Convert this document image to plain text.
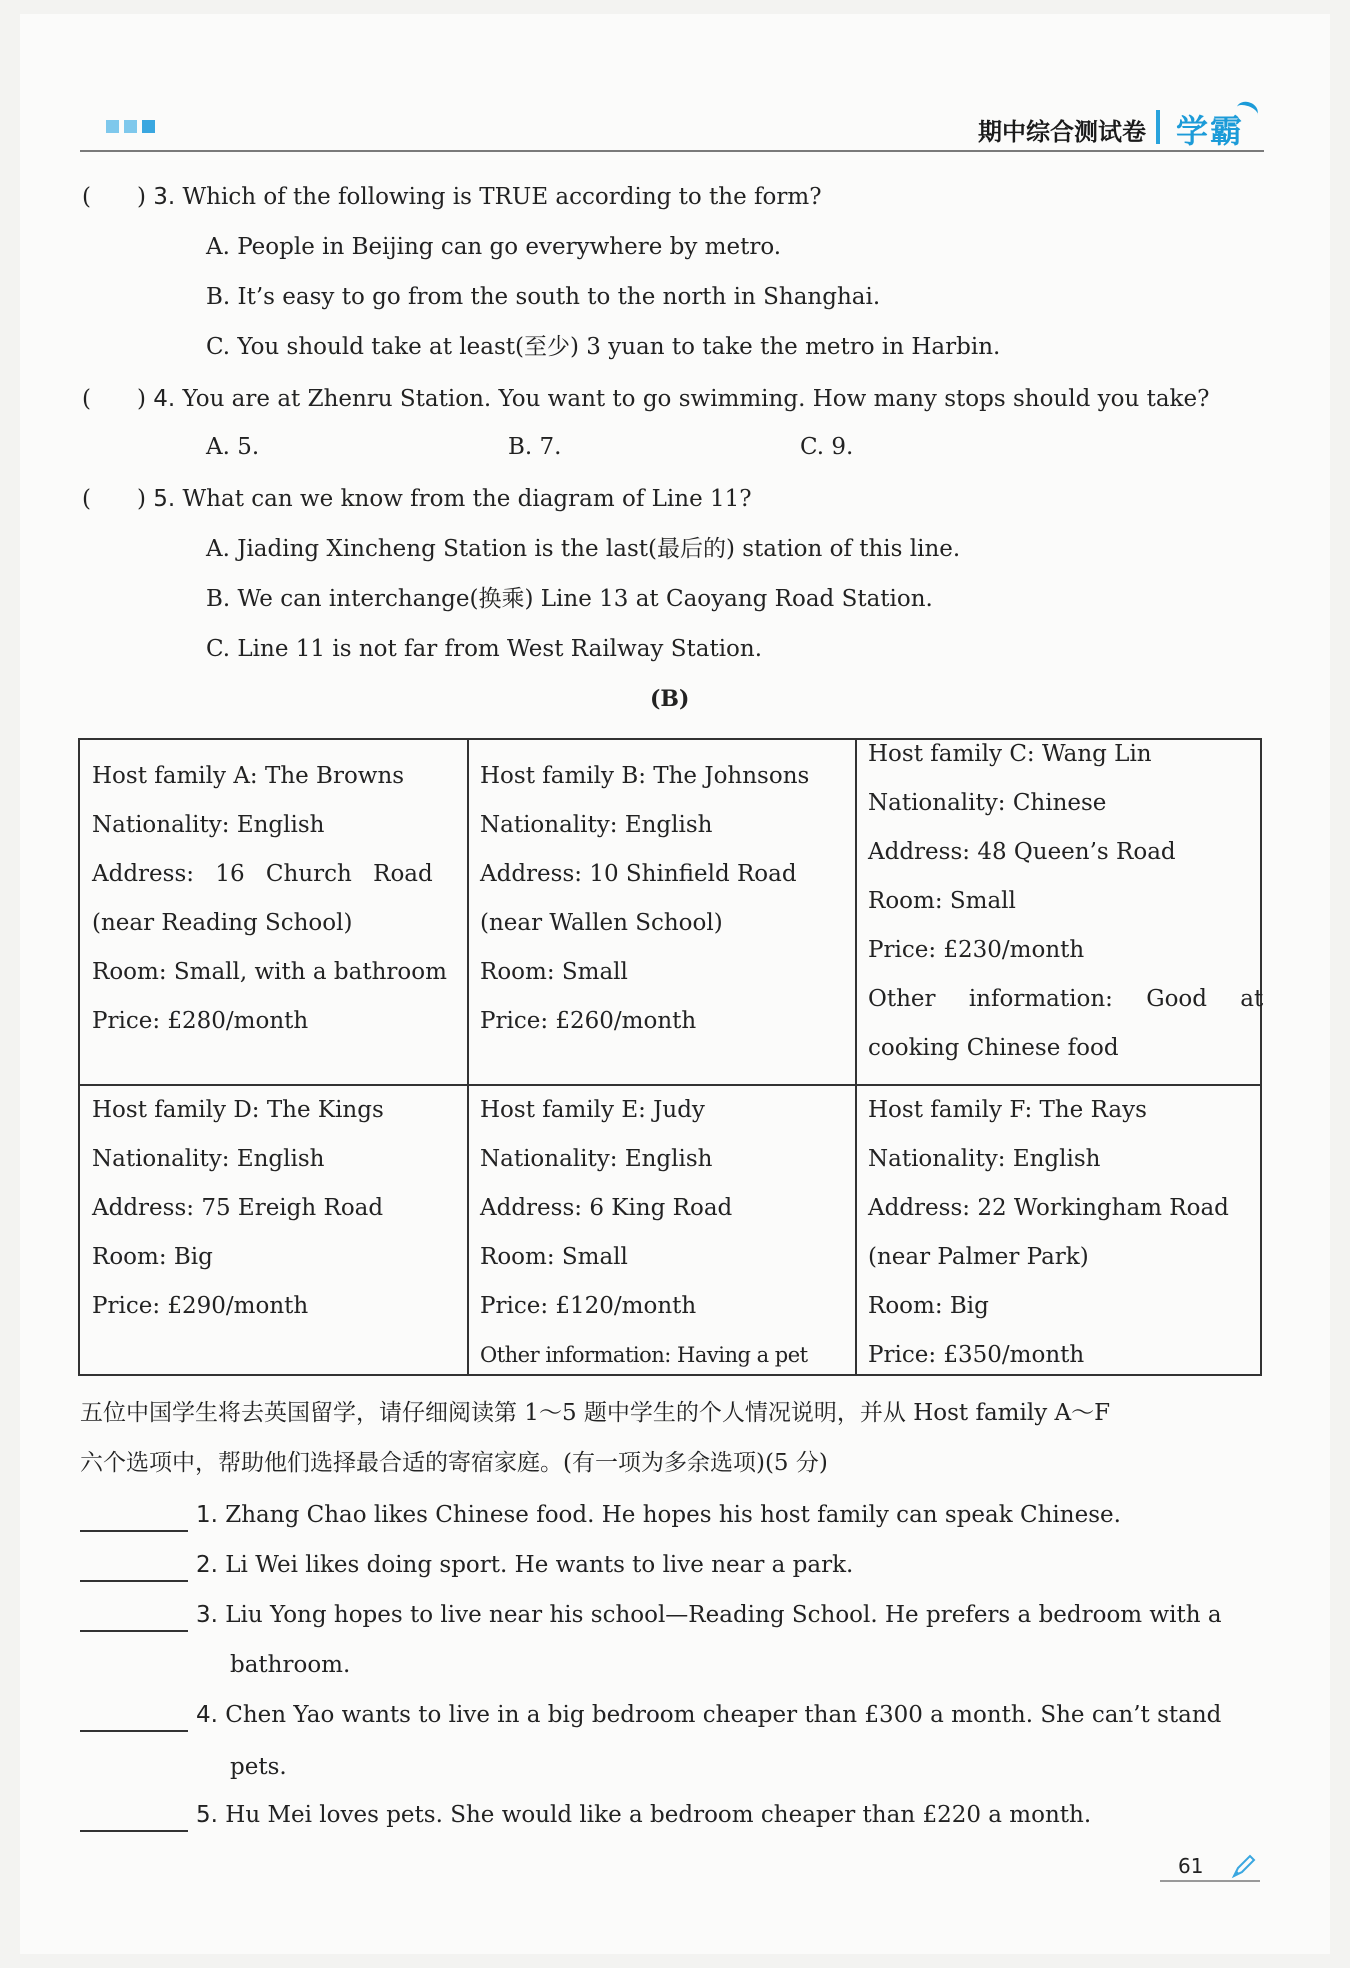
期中综合测试卷 学霸
(　　) 3. Which of the following is TRUE according to the form?
A. People in Beijing can go everywhere by metro.
B. It’s easy to go from the south to the north in Shanghai.
C. You should take at least(至少) 3 yuan to take the metro in Harbin.
(　　) 4. You are at Zhenru Station. You want to go swimming. How many stops should you take?
A. 5.	B. 7.	C. 9.
(　　) 5. What can we know from the diagram of Line 11?
A. Jiading Xincheng Station is the last(最后的) station of this line.
B. We can interchange(换乘) Line 13 at Caoyang Road Station.
C. Line 11 is not far from West Railway Station.
(B)
Host family A: The Browns
Nationality: English
Address: 16 Church Road
(near Reading School)
Room: Small, with a bathroom
Price: £280/month
Host family B: The Johnsons
Nationality: English
Address: 10 Shinfield Road
(near Wallen School)
Room: Small
Price: £260/month
Host family C: Wang Lin
Nationality: Chinese
Address: 48 Queen’s Road
Room: Small
Price: £230/month
Other information: Good at
cooking Chinese food
Host family D: The Kings
Nationality: English
Address: 75 Ereigh Road
Room: Big
Price: £290/month
Host family E: Judy
Nationality: English
Address: 6 King Road
Room: Small
Price: £120/month
Other information: Having a pet
Host family F: The Rays
Nationality: English
Address: 22 Workingham Road
(near Palmer Park)
Room: Big
Price: £350/month
五位中国学生将去英国留学，请仔细阅读第 1～5 题中学生的个人情况说明，并从 Host family A～F
六个选项中，帮助他们选择最合适的寄宿家庭。(有一项为多余选项)(5 分)
1. Zhang Chao likes Chinese food. He hopes his host family can speak Chinese.
2. Li Wei likes doing sport. He wants to live near a park.
3. Liu Yong hopes to live near his school—Reading School. He prefers a bedroom with a
bathroom.
4. Chen Yao wants to live in a big bedroom cheaper than £300 a month. She can’t stand
pets.
5. Hu Mei loves pets. She would like a bedroom cheaper than £220 a month.
61
